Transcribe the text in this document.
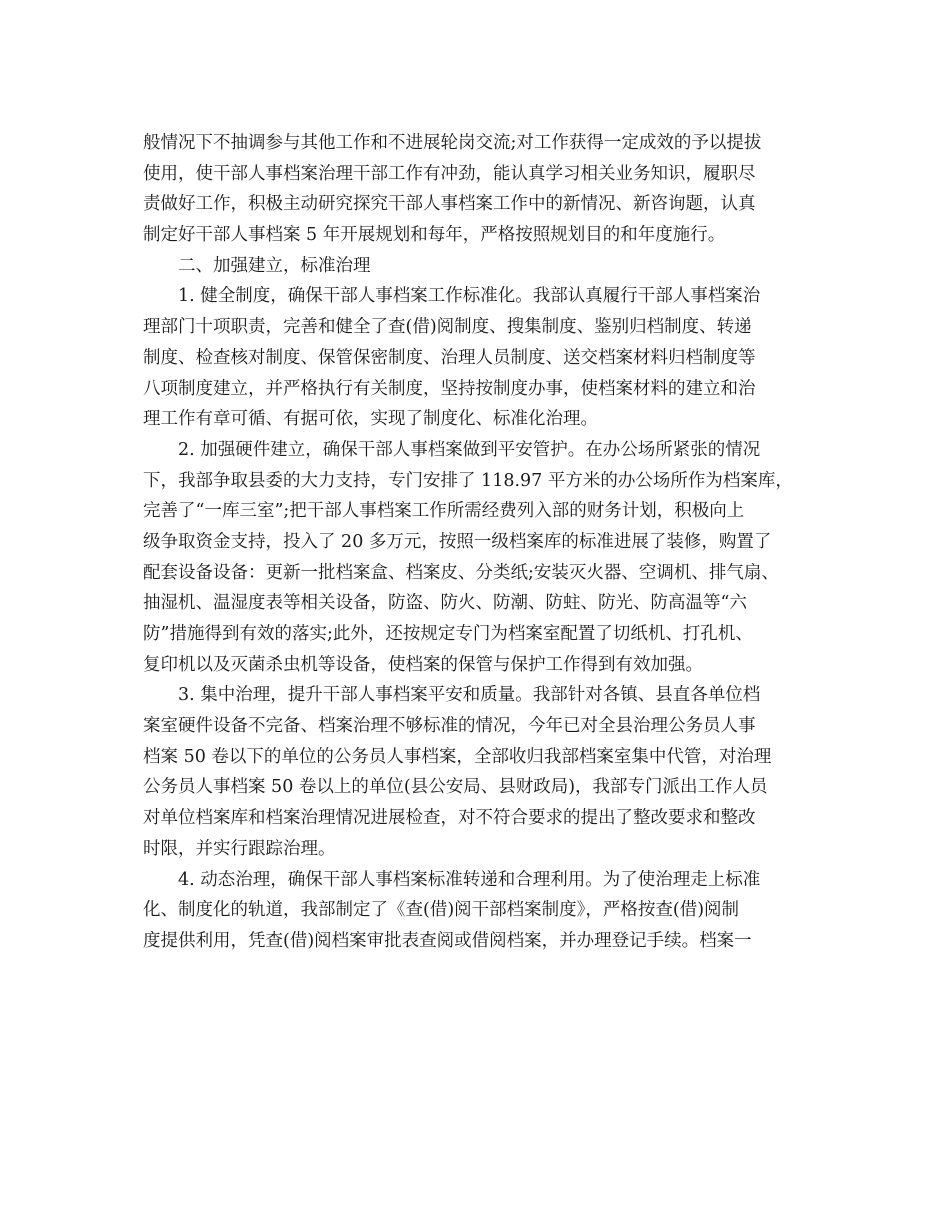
般情况下不抽调参与其他工作和不进展轮岗交流;对工作获得一定成效的予以提拔
使用，使干部人事档案治理干部工作有冲劲，能认真学习相关业务知识，履职尽
责做好工作，积极主动研究探究干部人事档案工作中的新情况、新咨询题，认真
制定好干部人事档案 5 年开展规划和每年，严格按照规划目的和年度施行。
二、加强建立，标准治理
1. 健全制度，确保干部人事档案工作标准化。我部认真履行干部人事档案治
理部门十项职责，完善和健全了查(借)阅制度、搜集制度、鉴别归档制度、转递
制度、检查核对制度、保管保密制度、治理人员制度、送交档案材料归档制度等
八项制度建立，并严格执行有关制度，坚持按制度办事，使档案材料的建立和治
理工作有章可循、有据可依，实现了制度化、标准化治理。
2. 加强硬件建立，确保干部人事档案做到平安管护。在办公场所紧张的情况
下，我部争取县委的大力支持，专门安排了 118.97 平方米的办公场所作为档案库，
完善了“一库三室”;把干部人事档案工作所需经费列入部的财务计划，积极向上
级争取资金支持，投入了 20 多万元，按照一级档案库的标准进展了装修，购置了
配套设备设备：更新一批档案盒、档案皮、分类纸;安装灭火器、空调机、排气扇、
抽湿机、温湿度表等相关设备，防盗、防火、防潮、防蛀、防光、防高温等“六
防”措施得到有效的落实;此外，还按规定专门为档案室配置了切纸机、打孔机、
复印机以及灭菌杀虫机等设备，使档案的保管与保护工作得到有效加强。
3. 集中治理，提升干部人事档案平安和质量。我部针对各镇、县直各单位档
案室硬件设备不完备、档案治理不够标准的情况，今年已对全县治理公务员人事
档案 50 卷以下的单位的公务员人事档案，全部收归我部档案室集中代管，对治理
公务员人事档案 50 卷以上的单位(县公安局、县财政局)，我部专门派出工作人员
对单位档案库和档案治理情况进展检查，对不符合要求的提出了整改要求和整改
时限，并实行跟踪治理。
4. 动态治理，确保干部人事档案标准转递和合理利用。为了使治理走上标准
化、制度化的轨道，我部制定了《查(借)阅干部档案制度》，严格按查(借)阅制
度提供利用，凭查(借)阅档案审批表查阅或借阅档案，并办理登记手续。档案一
